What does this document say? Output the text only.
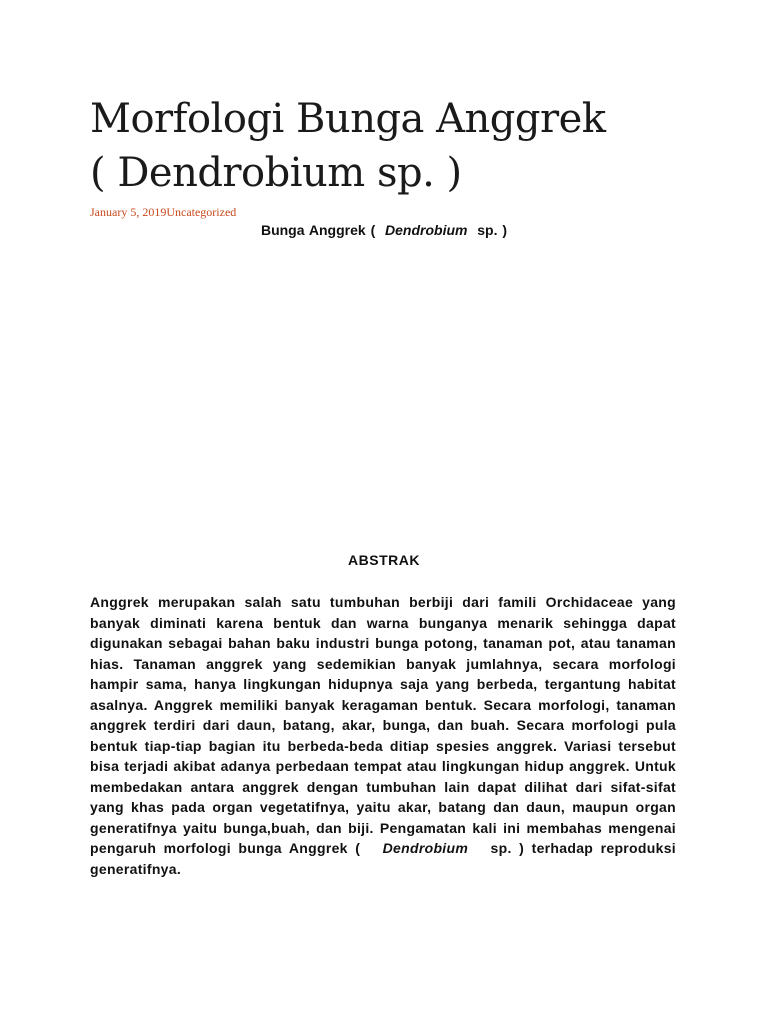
Morfologi Bunga Anggrek
( Dendrobium sp. )
January 5, 2019Uncategorized
Bunga Anggrek (  Dendrobium  sp. )
ABSTRAK

Anggrek merupakan salah satu tumbuhan berbiji dari famili Orchidaceae yang banyak diminati karena bentuk dan warna bunganya menarik sehingga dapat digunakan sebagai bahan baku industri bunga potong, tanaman pot, atau tanaman hias. Tanaman anggrek yang sedemikian banyak jumlahnya, secara morfologi hampir sama, hanya lingkungan hidupnya saja yang berbeda, tergantung habitat asalnya. Anggrek memiliki banyak keragaman bentuk. Secara morfologi, tanaman anggrek terdiri dari daun, batang, akar, bunga, dan buah. Secara morfologi pula bentuk tiap-tiap bagian itu berbeda-beda ditiap spesies anggrek. Variasi tersebut bisa terjadi akibat adanya perbedaan tempat atau lingkungan hidup anggrek. Untuk membedakan antara anggrek dengan tumbuhan lain dapat dilihat dari sifat-sifat yang khas pada organ vegetatifnya, yaitu akar, batang dan daun, maupun organ generatifnya yaitu bunga,buah, dan biji. Pengamatan kali ini membahas mengenai pengaruh morfologi bunga Anggrek ( Dendrobium sp. ) terhadap reproduksi generatifnya.
